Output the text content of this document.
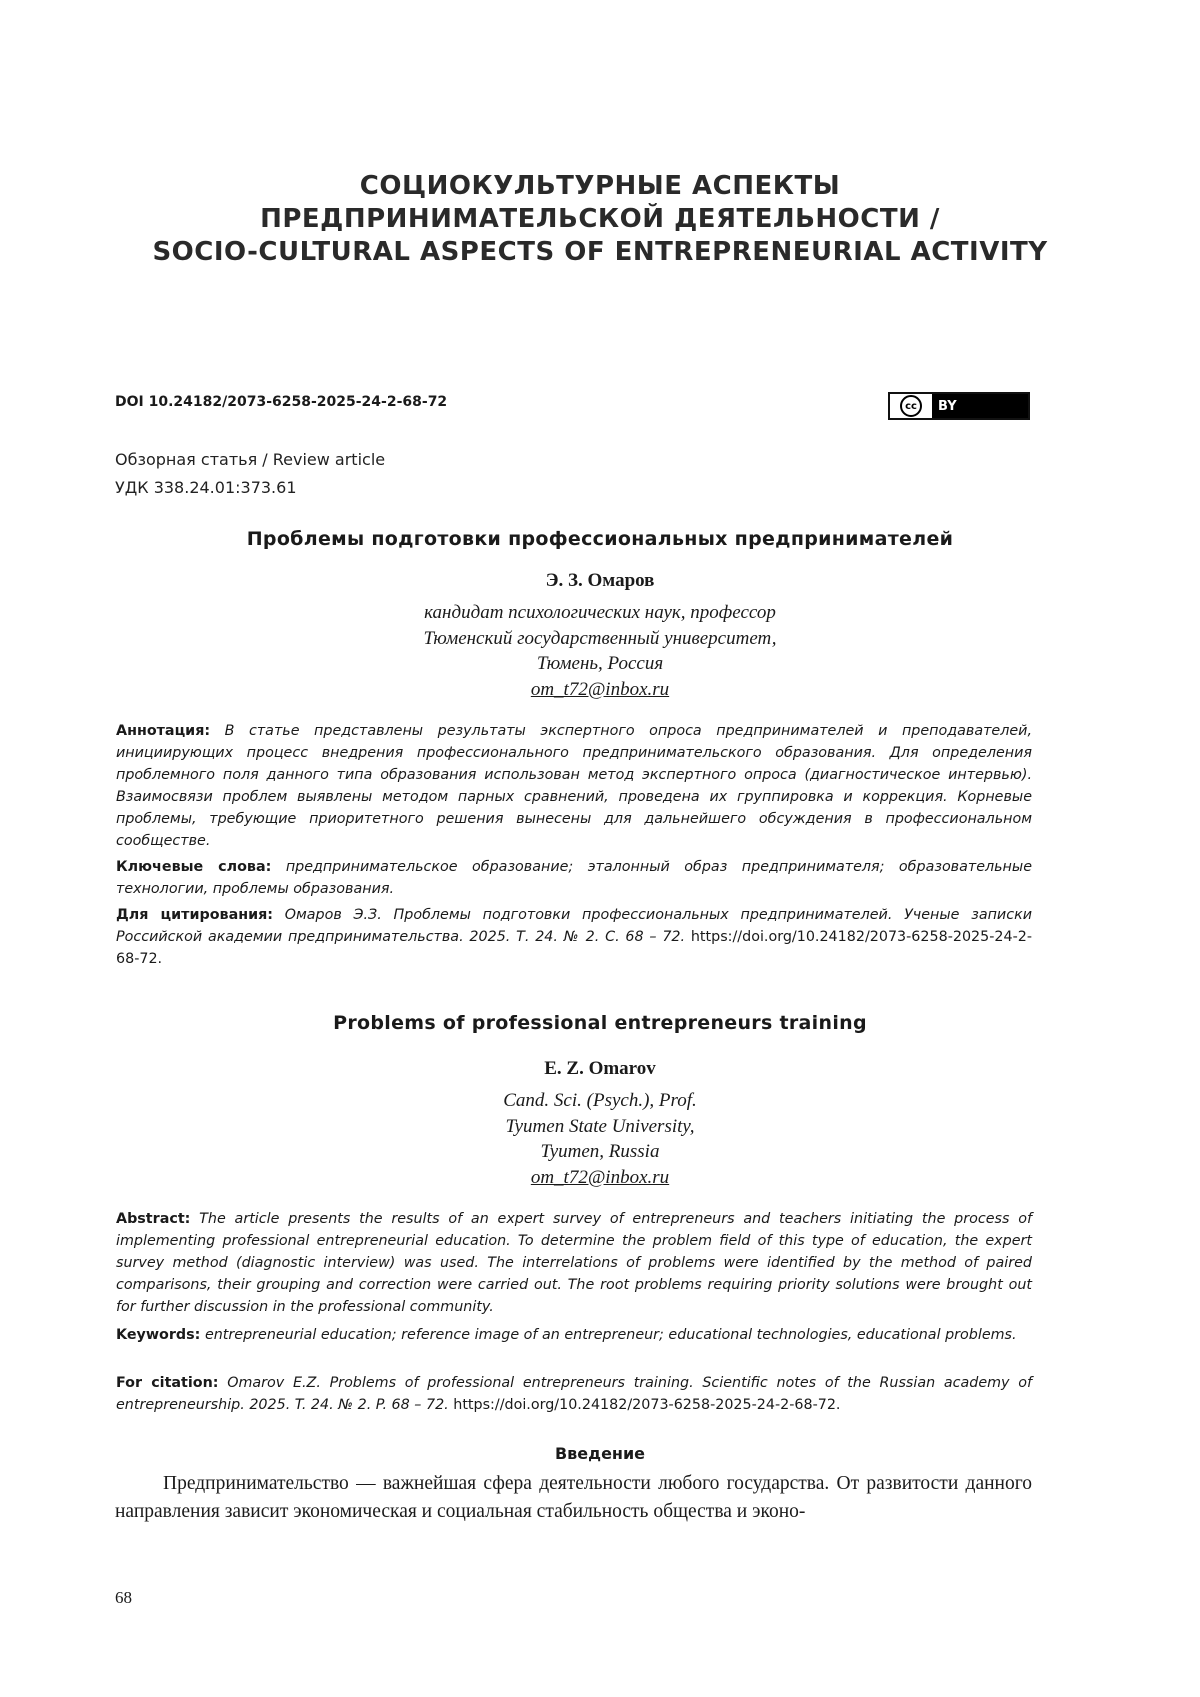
СОЦИОКУЛЬТУРНЫЕ АСПЕКТЫ
ПРЕДПРИНИМАТЕЛЬСКОЙ ДЕЯТЕЛЬНОСТИ /
SOCIO-CULTURAL ASPECTS OF ENTREPRENEURIAL ACTIVITY
DOI 10.24182/2073-6258-2025-24-2-68-72	cc	BY
Обзорная статья / Review article
УДК 338.24.01:373.61
Проблемы подготовки профессиональных предпринимателей
Э. З. Омаров
кандидат психологических наук, профессор
Тюменский государственный университет,
Тюмень, Россия
om_t72@inbox.ru
Аннотация: В статье представлены результаты экспертного опроса предпринимателей и преподавателей, инициирующих процесс внедрения профессионального предпринимательского образования. Для определения проблемного поля данного типа образования использован метод экспертного опроса (диагностическое интервью). Взаимосвязи проблем выявлены методом парных сравнений, проведена их группировка и коррекция. Корневые проблемы, требующие приоритетного решения вынесены для дальнейшего обсуждения в профессиональном сообществе.
Ключевые слова: предпринимательское образование; эталонный образ предпринимателя; образовательные технологии, проблемы образования.
Для цитирования: Омаров Э.З. Проблемы подготовки профессиональных предпринимателей. Ученые записки Российской академии предпринимательства. 2025. Т. 24. № 2. С. 68 – 72. https://doi.org/10.24182/2073-6258-2025-24-2-68-72.
Problems of professional entrepreneurs training
E. Z. Omarov
Cand. Sci. (Psych.), Prof.
Tyumen State University,
Tyumen, Russia
om_t72@inbox.ru
Abstract: The article presents the results of an expert survey of entrepreneurs and teachers initiating the process of implementing professional entrepreneurial education. To determine the problem field of this type of education, the expert survey method (diagnostic interview) was used. The interrelations of problems were identified by the method of paired comparisons, their grouping and correction were carried out. The root problems requiring priority solutions were brought out for further discussion in the professional community.
Keywords: entrepreneurial education; reference image of an entrepreneur; educational technologies, educational problems.
For citation: Omarov E.Z. Problems of professional entrepreneurs training. Scientific notes of the Russian academy of entrepreneurship. 2025. T. 24. № 2. P. 68 – 72. https://doi.org/10.24182/2073-6258-2025-24-2-68-72.
Введение
Предпринимательство — важнейшая сфера деятельности любого государства. От развитости данного направления зависит экономическая и социальная стабильность общества и эконо-
68
